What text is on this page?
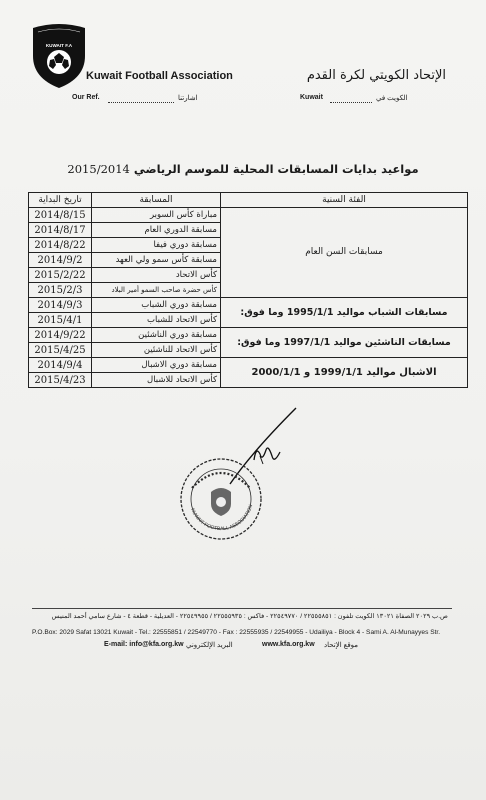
KUWAIT F.A
Kuwait Football Association	الإتحاد الكويتي لكرة القدم
Our Ref.	اشارتنا	Kuwait	الكويت في
مواعيد بدايات المسابقات المحلية للموسم الرياضي 2015/2014
تاريخ البداية	المسابقة	الفئة السنية
2014/8/15	مباراة كأس السوبر	مسابقات السن العام
2014/8/17	مسابقة الدوري العام	
2014/8/22	مسابقة دوري فيفا	
2014/9/2	مسابقة كأس سمو ولي العهد	
2015/2/22	كأس الاتحاد	
2015/2/3	كأس حضرة صاحب السمو أمير البلاد	
2014/9/3	مسابقة دوري الشباب	مسابقات الشباب مواليد 1995/1/1 وما فوق:
2015/4/1	كأس الاتحاد للشباب	
2014/9/22	مسابقة دوري الناشئين	مسابقات الناشئين مواليد 1997/1/1 وما فوق:
2015/4/25	كأس الاتحاد للناشئين	
2014/9/4	مسابقة دوري الاشبال	الاشبال مواليد 1999/1/1 و 2000/1/1
2015/4/23	كأس الاتحاد للاشبال	
KUWAIT FOOTBALL ASSOCIATION
ص.ب ٢٠٢٩ الصفاة ١٣٠٢١ الكويت تلفون : ٢٢٥٥٥٨٥١ / ٢٢٥٤٩٧٧٠ - فاكس : ٢٢٥٥٥٩٣٥ / ٢٢٥٤٩٩٥٥ - العديلية - قطعة ٤ - شارع سامي أحمد المنيس
P.O.Box: 2029 Safat 13021 Kuwait - Tel.: 22555851 / 22549770 - Fax : 22555935 / 22549955 - Udailiya - Block 4 - Sami A. Al-Munayyes Str.
E-mail: info@kfa.org.kw البريد الإلكتروني	www.kfa.org.kw موقع الإتحاد
